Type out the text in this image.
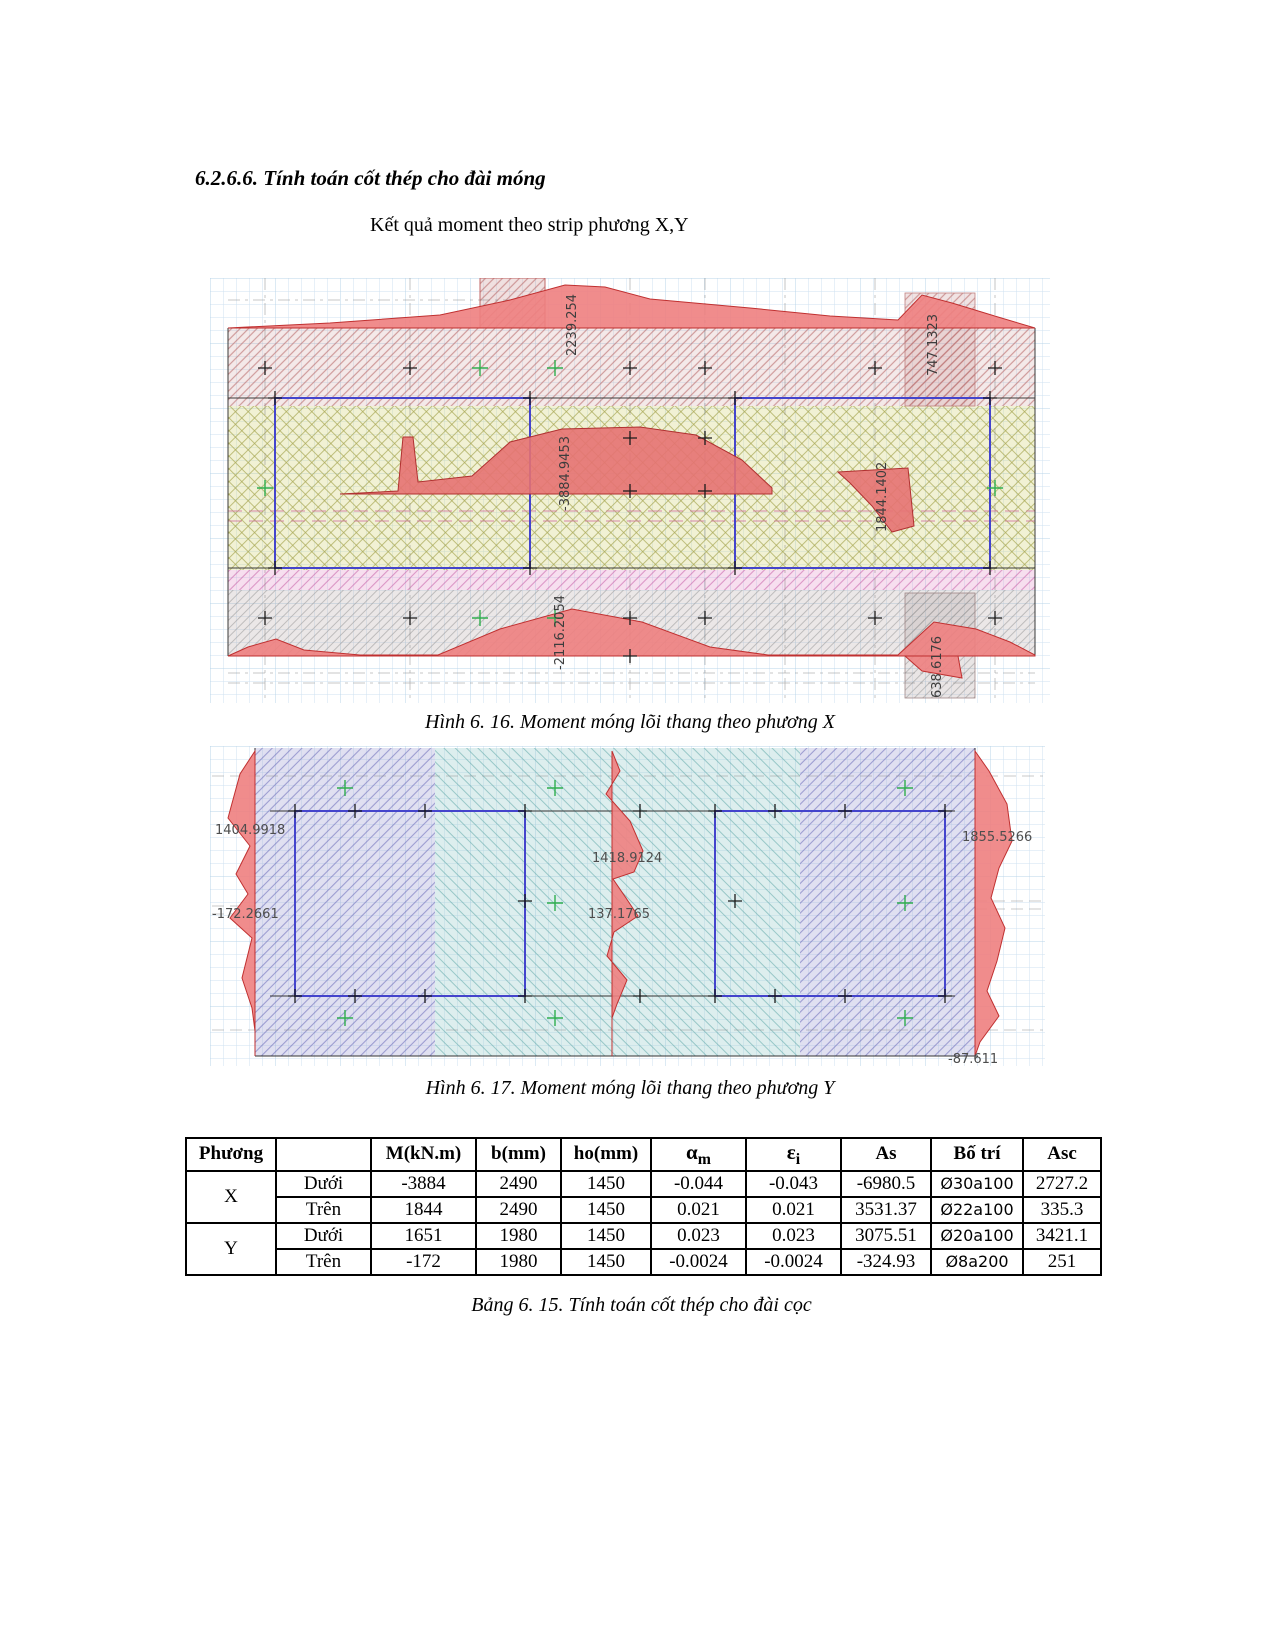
6.2.6.6. Tính toán cốt thép cho đài móng
Kết quả moment theo strip phương X,Y
2239.254	747.1323
-3884.9453	1844.1402
-2116.2054	638.6176
Hình 6. 16. Moment móng lõi thang theo phương X
1404.9918
-172.2661
1418.9124
137.1765
1855.5266
-87.611
Hình 6. 17. Moment móng lõi thang theo phương Y
Phương		M(kN.m)	b(mm)	ho(mm)	$\alpha_m$	$\varepsilon_i$	As	Bố trí	Asc
X	Dưới	-3884	2490	1450	-0.044	-0.043	-6980.5	Ø30a100	2727.2
	Trên	1844	2490	1450	0.021	0.021	3531.37	Ø22a100	335.3
Y	Dưới	1651	1980	1450	0.023	0.023	3075.51	Ø20a100	3421.1
	Trên	-172	1980	1450	-0.0024	-0.0024	-324.93	Ø8a200	251
Bảng 6. 15. Tính toán cốt thép cho đài cọc
